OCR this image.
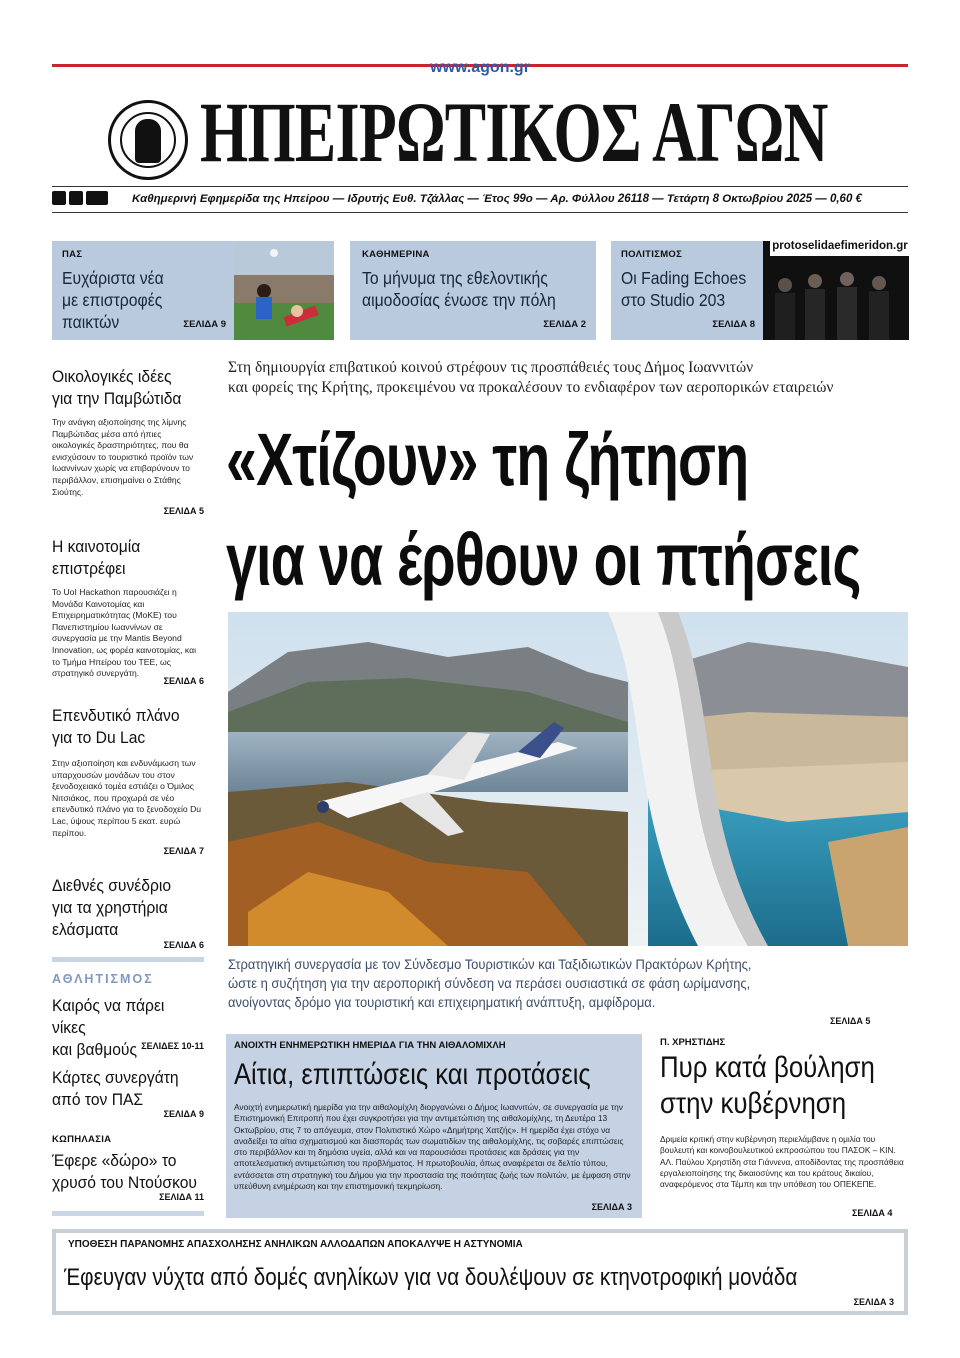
www.agon.gr
ΗΠΕΙΡΩΤΙΚΟΣ ΑΓΩΝ
Καθημερινή Εφημερίδα της Ηπείρου — Ιδρυτής Ευθ. Τζάλλας — Έτος 99ο — Αρ. Φύλλου 26118 — Τετάρτη 8 Οκτωβρίου 2025 — 0,60 €
ΠΑΣ
Ευχάριστα νέα
με επιστροφές παικτών	ΣΕΛΙΔΑ 9
ΚΑΘΗΜΕΡΙΝΑ
Το μήνυμα της εθελοντικής
αιμοδοσίας ένωσε την πόλη
ΣΕΛΙΔΑ 2
ΠΟΛΙΤΙΣΜΟΣ
Οι Fading Echoes
στο Studio 203
ΣΕΛΙΔΑ 8
protoselidaefimeridon.gr
Οικολογικές ιδέες
για την Παμβώτιδα
Την ανάγκη αξιοποίησης της λίμνης Παμβώτιδας μέσα από ήπιες οικολογικές δραστηριότητες, που θα ενισχύσουν το τουριστικό προϊόν των Ιωαννίνων χωρίς να επιβαρύνουν το περιβάλλον, επισημαίνει ο Στάθης Σιούτης.
ΣΕΛΙΔΑ 5
Η καινοτομία
επιστρέφει
Το UoI Hackathon παρουσιάζει η Μονάδα Καινοτομίας και Επιχειρηματικότητας (ΜοΚΕ) του Πανεπιστημίου Ιωαννίνων σε συνεργασία με την Mantis Beyond Innovation, ως φορέα καινοτομίας, και το Τμήμα Ηπείρου του ΤΕΕ, ως στρατηγικό συνεργάτη.
ΣΕΛΙΔΑ 6
Επενδυτικό πλάνο
για το Du Lac
Στην αξιοποίηση και ενδυνάμωση των υπαρχουσών μονάδων του στον ξενοδοχειακό τομέα εστιάζει ο Όμιλος Νιτσιάκος, που προχωρά σε νέο επενδυτικό πλάνο για το ξενοδοχείο Du Lac, ύψους περίπου 5 εκατ. ευρώ περίπου.
ΣΕΛΙΔΑ 7
Διεθνές συνέδριο
για τα χρηστήρια
ελάσματα
ΣΕΛΙΔΑ 6
ΑΘΛΗΤΙΣΜΟΣ
Καιρός να πάρει νίκες
και βαθμούς ΣΕΛΙΔΕΣ 10-11
Κάρτες συνεργάτη
από τον ΠΑΣ
ΣΕΛΙΔΑ 9
ΚΩΠΗΛΑΣΙΑ
Έφερε «δώρο» το
χρυσό του Ντούσκου
ΣΕΛΙΔΑ 11
Στη δημιουργία επιβατικού κοινού στρέφουν τις προσπάθειές τους Δήμος Ιωαννιτών
και φορείς της Κρήτης, προκειμένου να προκαλέσουν το ενδιαφέρον των αεροπορικών εταιρειών
«Χτίζουν» τη ζήτηση
για να έρθουν οι πτήσεις
Στρατηγική συνεργασία με τον Σύνδεσμο Τουριστικών και Ταξιδιωτικών Πρακτόρων Κρήτης,
ώστε η συζήτηση για την αεροπορική σύνδεση να περάσει ουσιαστικά σε φάση ωρίμανσης,
ανοίγοντας δρόμο για τουριστική και επιχειρηματική ανάπτυξη, αμφίδρομα.
ΣΕΛΙΔΑ 5
ΑΝΟΙΧΤΗ ΕΝΗΜΕΡΩΤΙΚΗ ΗΜΕΡΙΔΑ ΓΙΑ ΤΗΝ ΑΙΘΑΛΟΜΙΧΛΗ
Αίτια, επιπτώσεις και προτάσεις
Ανοιχτή ενημερωτική ημερίδα για την αιθαλομίχλη διοργανώνει ο Δήμος Ιωαννιτών, σε συνεργασία με την Επιστημονική Επιτροπή που έχει συγκροτήσει για την αντιμετώπιση της αιθαλομίχλης, τη Δευτέρα 13 Οκτωβρίου, στις 7 το απόγευμα, στον Πολιτιστικό Χώρο «Δημήτρης Χατζής». Η ημερίδα έχει στόχο να αναδείξει τα αίτια σχηματισμού και διασποράς των σωματιδίων της αιθαλομίχλης, τις σοβαρές επιπτώσεις στο περιβάλλον και τη δημόσια υγεία, αλλά και να παρουσιάσει προτάσεις και δράσεις για την αποτελεσματική αντιμετώπιση του προβλήματος. Η πρωτοβουλία, όπως αναφέρεται σε δελτίο τύπου, εντάσσεται στη στρατηγική του Δήμου για την προστασία της ποιότητας ζωής των πολιτών, με έμφαση στην υπεύθυνη ενημέρωση και την επιστημονική τεκμηρίωση.
ΣΕΛΙΔΑ 3
Π. ΧΡΗΣΤΙΔΗΣ
Πυρ κατά βούληση
στην κυβέρνηση
Δριμεία κριτική στην κυβέρνηση περιελάμβανε η ομιλία του βουλευτή και κοινοβουλευτικού εκπροσώπου του ΠΑΣΟΚ – ΚΙΝ. ΑΛ. Παύλου Χρηστίδη στα Γιάννενα, αποδίδοντας της προσπάθεια εργαλειοποίησης της δικαιοσύνης και του κράτους δικαίου, αναφερόμενος στα Τέμπη και την υπόθεση του ΟΠΕΚΕΠΕ.
ΣΕΛΙΔΑ 4
ΥΠΟΘΕΣΗ ΠΑΡΑΝΟΜΗΣ ΑΠΑΣΧΟΛΗΣΗΣ ΑΝΗΛΙΚΩΝ ΑΛΛΟΔΑΠΩΝ ΑΠΟΚΑΛΥΨΕ Η ΑΣΤΥΝΟΜΙΑ
Έφευγαν νύχτα από δομές ανηλίκων για να δουλέψουν σε κτηνοτροφική μονάδα
ΣΕΛΙΔΑ 3
